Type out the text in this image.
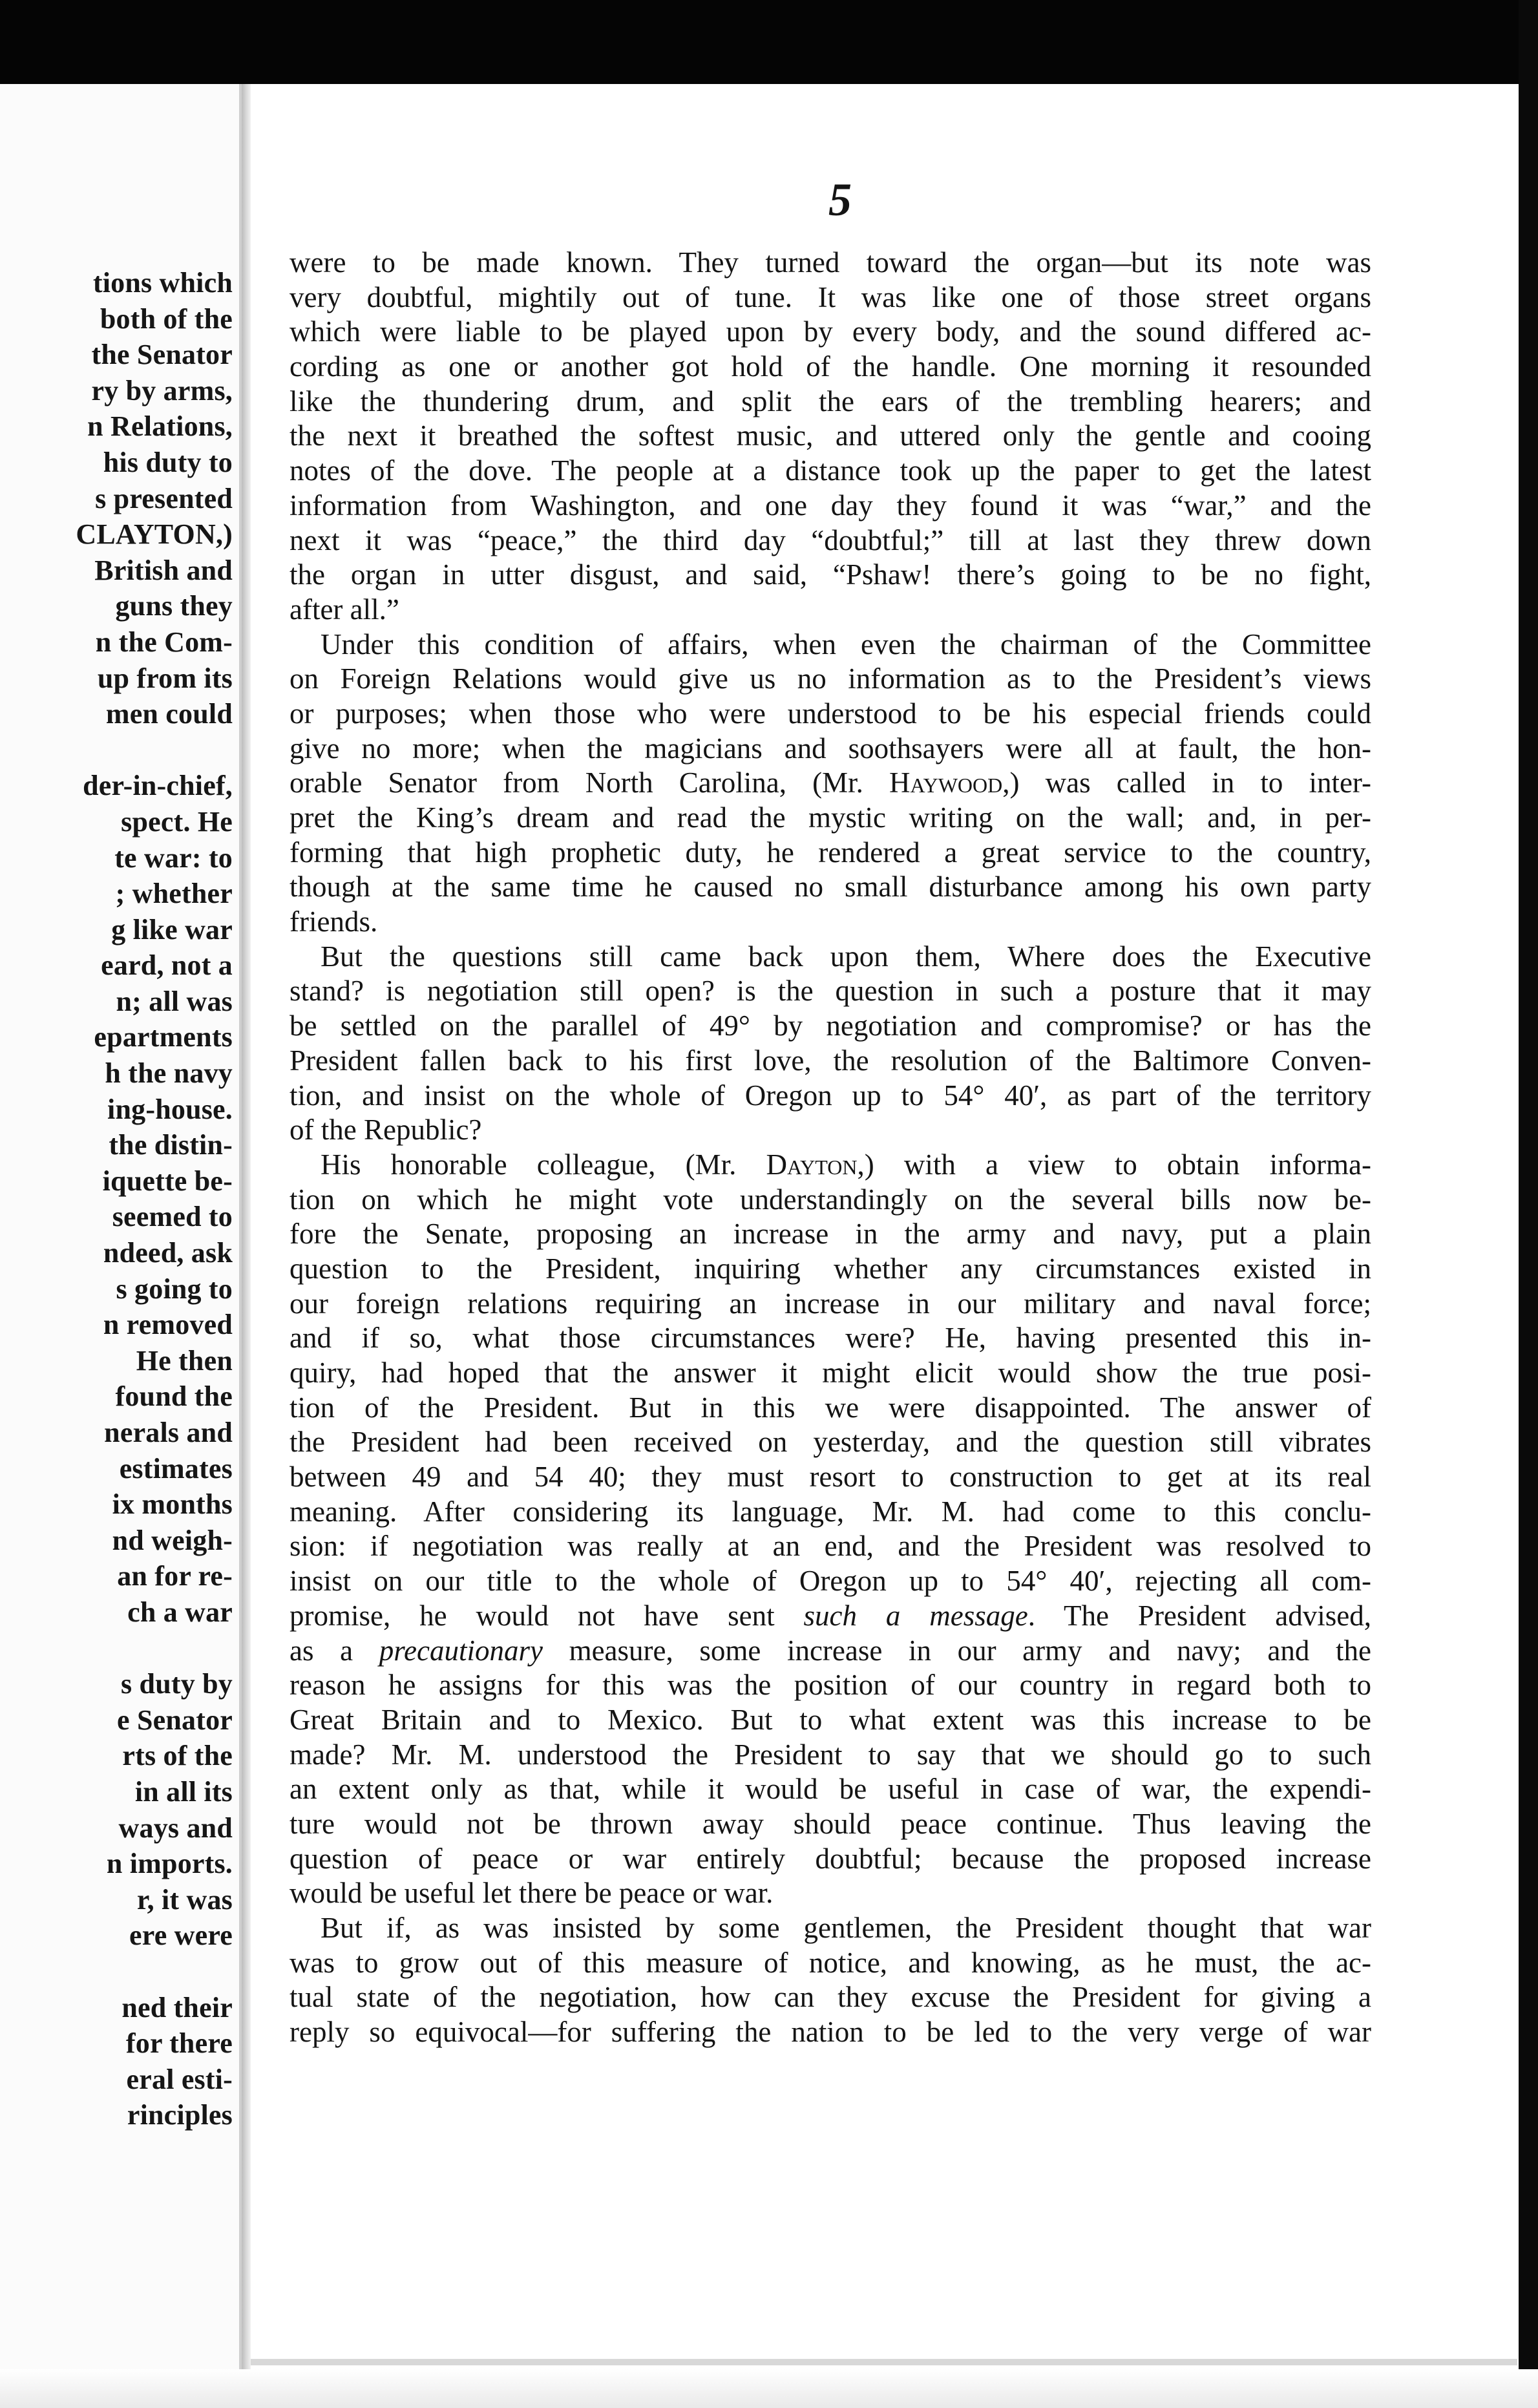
tions which
both of the
the Senator
ry by arms,
n Relations,
his duty to
s presented
CLAYTON,)
British and
guns they
n the Com-
up from its
men could

der-in-chief,
spect. He
te war: to
; whether
g like war
eard, not a
n; all was
epartments
h the navy
ing-house.
the distin-
iquette be-
seemed to
ndeed, ask
s going to
n removed
He then
found the
nerals and
estimates
ix months
nd weigh-
an for re-
ch a war

s duty by
e Senator
rts of the
in all its
ways and
n imports.
r, it was
ere were

ned their
for there
eral esti-
rinciples
5
were to be made known. They turned toward the organ—but its note was
very doubtful, mightily out of tune. It was like one of those street organs
which were liable to be played upon by every body, and the sound differed ac-
cording as one or another got hold of the handle. One morning it resounded
like the thundering drum, and split the ears of the trembling hearers; and
the next it breathed the softest music, and uttered only the gentle and cooing
notes of the dove. The people at a distance took up the paper to get the latest
information from Washington, and one day they found it was “war,” and the
next it was “peace,” the third day “doubtful;” till at last they threw down
the organ in utter disgust, and said, “Pshaw! there’s going to be no fight,
after all.”
Under this condition of affairs, when even the chairman of the Committee
on Foreign Relations would give us no information as to the President’s views
or purposes; when those who were understood to be his especial friends could
give no more; when the magicians and soothsayers were all at fault, the hon-
orable Senator from North Carolina, (Mr. Haywood,) was called in to inter-
pret the King’s dream and read the mystic writing on the wall; and, in per-
forming that high prophetic duty, he rendered a great service to the country,
though at the same time he caused no small disturbance among his own party
friends.
But the questions still came back upon them, Where does the Executive
stand? is negotiation still open? is the question in such a posture that it may
be settled on the parallel of 49° by negotiation and compromise? or has the
President fallen back to his first love, the resolution of the Baltimore Conven-
tion, and insist on the whole of Oregon up to 54° 40′, as part of the territory
of the Republic?
His honorable colleague, (Mr. Dayton,) with a view to obtain informa-
tion on which he might vote understandingly on the several bills now be-
fore the Senate, proposing an increase in the army and navy, put a plain
question to the President, inquiring whether any circumstances existed in
our foreign relations requiring an increase in our military and naval force;
and if so, what those circumstances were? He, having presented this in-
quiry, had hoped that the answer it might elicit would show the true posi-
tion of the President. But in this we were disappointed. The answer of
the President had been received on yesterday, and the question still vibrates
between 49 and 54 40; they must resort to construction to get at its real
meaning. After considering its language, Mr. M. had come to this conclu-
sion: if negotiation was really at an end, and the President was resolved to
insist on our title to the whole of Oregon up to 54° 40′, rejecting all com-
promise, he would not have sent such a message. The President advised,
as a precautionary measure, some increase in our army and navy; and the
reason he assigns for this was the position of our country in regard both to
Great Britain and to Mexico. But to what extent was this increase to be
made? Mr. M. understood the President to say that we should go to such
an extent only as that, while it would be useful in case of war, the expendi-
ture would not be thrown away should peace continue. Thus leaving the
question of peace or war entirely doubtful; because the proposed increase
would be useful let there be peace or war.
But if, as was insisted by some gentlemen, the President thought that war
was to grow out of this measure of notice, and knowing, as he must, the ac-
tual state of the negotiation, how can they excuse the President for giving a
reply so equivocal—for suffering the nation to be led to the very verge of war
